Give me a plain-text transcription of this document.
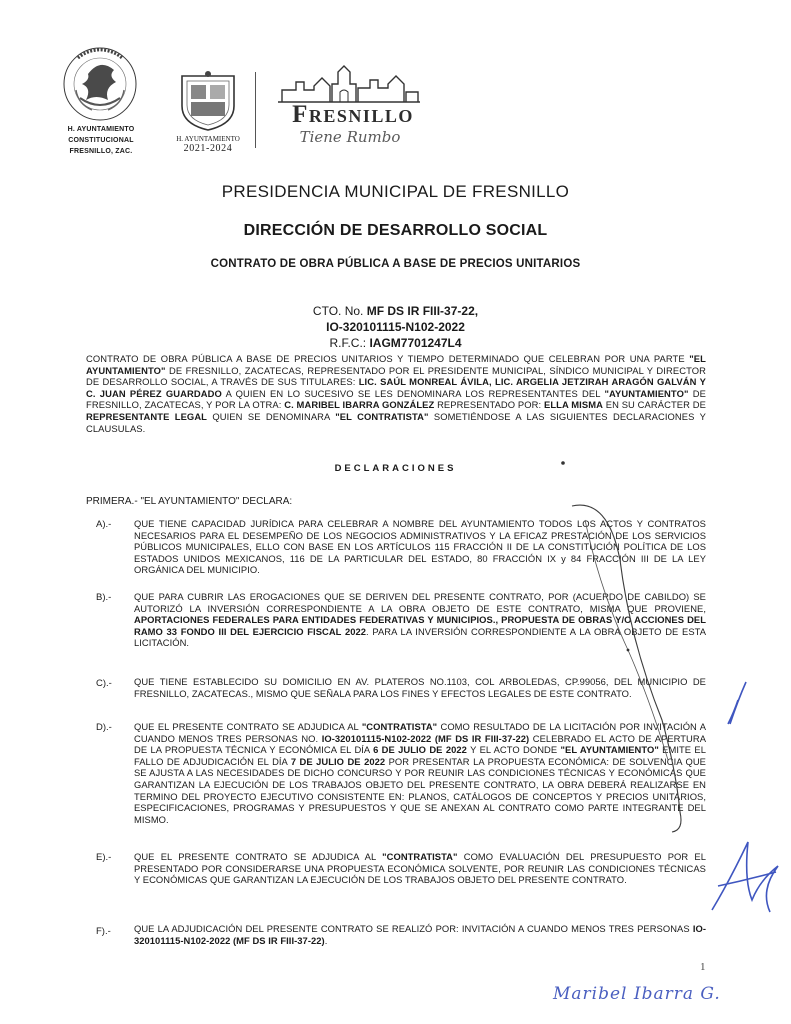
H. AYUNTAMIENTO
CONSTITUCIONAL
FRESNILLO, ZAC.
H. AYUNTAMIENTO
2021-2024
Fresnillo
Tiene Rumbo
PRESIDENCIA MUNICIPAL DE FRESNILLO
DIRECCIÓN DE DESARROLLO SOCIAL
CONTRATO DE OBRA PÚBLICA A BASE DE PRECIOS UNITARIOS
CTO. No. MF DS IR FIII-37-22,
IO-320101115-N102-2022
R.F.C.: IAGM7701247L4
CONTRATO DE OBRA PÚBLICA A BASE DE PRECIOS UNITARIOS Y TIEMPO DETERMINADO QUE CELEBRAN POR UNA PARTE "EL AYUNTAMIENTO" DE FRESNILLO, ZACATECAS, REPRESENTADO POR EL PRESIDENTE MUNICIPAL, SÍNDICO MUNICIPAL Y DIRECTOR DE DESARROLLO SOCIAL, A TRAVÉS DE SUS TITULARES: LIC. SAÚL MONREAL ÁVILA, LIC. ARGELIA JETZIRAH ARAGÓN GALVÁN Y C. JUAN PÉREZ GUARDADO A QUIEN EN LO SUCESIVO SE LES DENOMINARA LOS REPRESENTANTES DEL "AYUNTAMIENTO" DE FRESNILLO, ZACATECAS, Y POR LA OTRA: C. MARIBEL IBARRA GONZÁLEZ REPRESENTADO POR: ELLA MISMA EN SU CARÁCTER DE REPRESENTANTE LEGAL QUIEN SE DENOMINARA "EL CONTRATISTA" SOMETIÉNDOSE A LAS SIGUIENTES DECLARACIONES Y CLAUSULAS.
DECLARACIONES
PRIMERA.- "EL AYUNTAMIENTO" DECLARA:
A).- QUE TIENE CAPACIDAD JURÍDICA PARA CELEBRAR A NOMBRE DEL AYUNTAMIENTO TODOS LOS ACTOS Y CONTRATOS NECESARIOS PARA EL DESEMPEÑO DE LOS NEGOCIOS ADMINISTRATIVOS Y LA EFICAZ PRESTACIÓN DE LOS SERVICIOS PÚBLICOS MUNICIPALES, ELLO CON BASE EN LOS ARTÍCULOS 115 FRACCIÓN II DE LA CONSTITUCIÓN POLÍTICA DE LOS ESTADOS UNIDOS MEXICANOS, 116 DE LA PARTICULAR DEL ESTADO, 80 FRACCIÓN IX y 84 FRACCIÓN III DE LA LEY ORGÁNICA DEL MUNICIPIO.
B).- QUE PARA CUBRIR LAS EROGACIONES QUE SE DERIVEN DEL PRESENTE CONTRATO, POR (ACUERDO DE CABILDO) SE AUTORIZÓ LA INVERSIÓN CORRESPONDIENTE A LA OBRA OBJETO DE ESTE CONTRATO, MISMA QUE PROVIENE, APORTACIONES FEDERALES PARA ENTIDADES FEDERATIVAS Y MUNICIPIOS., PROPUESTA DE OBRAS Y/O ACCIONES DEL RAMO 33 FONDO III DEL EJERCICIO FISCAL 2022. PARA LA INVERSIÓN CORRESPONDIENTE A LA OBRA OBJETO DE ESTA LICITACIÓN.
C).- QUE TIENE ESTABLECIDO SU DOMICILIO EN AV. PLATEROS NO.1103, COL ARBOLEDAS, CP.99056, DEL MUNICIPIO DE FRESNILLO, ZACATECAS., MISMO QUE SEÑALA PARA LOS FINES Y EFECTOS LEGALES DE ESTE CONTRATO.
D).- QUE EL PRESENTE CONTRATO SE ADJUDICA AL "CONTRATISTA" COMO RESULTADO DE LA LICITACIÓN POR INVITACIÓN A CUANDO MENOS TRES PERSONAS NO. IO-320101115-N102-2022 (MF DS IR FIII-37-22) CELEBRADO EL ACTO DE APERTURA DE LA PROPUESTA TÉCNICA Y ECONÓMICA EL DÍA 6 DE JULIO DE 2022 Y EL ACTO DONDE "EL AYUNTAMIENTO" EMITE EL FALLO DE ADJUDICACIÓN EL DÍA 7 DE JULIO DE 2022 POR PRESENTAR LA PROPUESTA ECONÓMICA: DE SOLVENCIA QUE SE AJUSTA A LAS NECESIDADES DE DICHO CONCURSO Y POR REUNIR LAS CONDICIONES TÉCNICAS Y ECONÓMICAS QUE GARANTIZAN LA EJECUCIÓN DE LOS TRABAJOS OBJETO DEL PRESENTE CONTRATO, LA OBRA DEBERÁ REALIZARSE EN TERMINO DEL PROYECTO EJECUTIVO CONSISTENTE EN: PLANOS, CATÁLOGOS DE CONCEPTOS Y PRECIOS UNITARIOS, ESPECIFICACIONES, PROGRAMAS Y PRESUPUESTOS Y QUE SE ANEXAN AL CONTRATO COMO PARTE INTEGRANTE DEL MISMO.
E).- QUE EL PRESENTE CONTRATO SE ADJUDICA AL "CONTRATISTA" COMO EVALUACIÓN DEL PRESUPUESTO POR EL PRESENTADO POR CONSIDERARSE UNA PROPUESTA ECONÓMICA SOLVENTE, POR REUNIR LAS CONDICIONES TÉCNICAS Y ECONÓMICAS QUE GARANTIZAN LA EJECUCIÓN DE LOS TRABAJOS OBJETO DEL PRESENTE CONTRATO.
F).- QUE LA ADJUDICACIÓN DEL PRESENTE CONTRATO SE REALIZÓ POR: INVITACIÓN A CUANDO MENOS TRES PERSONAS IO-320101115-N102-2022 (MF DS IR FIII-37-22).
1
Maribel Ibarra G.
